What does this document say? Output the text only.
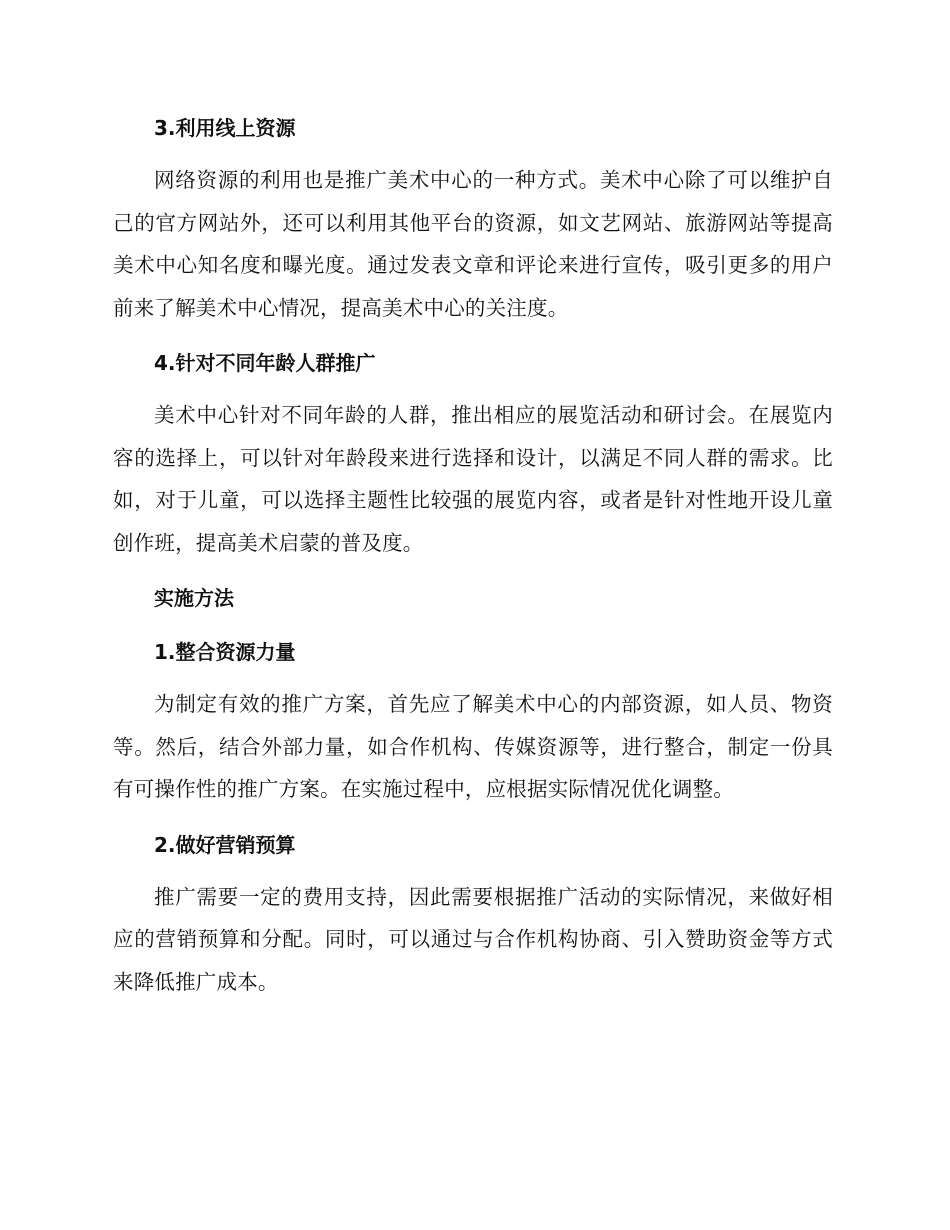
3.利用线上资源

网络资源的利用也是推广美术中心的一种方式。美术中心除了可以维护自己的官方网站外，还可以利用其他平台的资源，如文艺网站、旅游网站等提高美术中心知名度和曝光度。通过发表文章和评论来进行宣传，吸引更多的用户前来了解美术中心情况，提高美术中心的关注度。

4.针对不同年龄人群推广

美术中心针对不同年龄的人群，推出相应的展览活动和研讨会。在展览内容的选择上，可以针对年龄段来进行选择和设计，以满足不同人群的需求。比如，对于儿童，可以选择主题性比较强的展览内容，或者是针对性地开设儿童创作班，提高美术启蒙的普及度。

实施方法
1.整合资源力量

为制定有效的推广方案，首先应了解美术中心的内部资源，如人员、物资等。然后，结合外部力量，如合作机构、传媒资源等，进行整合，制定一份具有可操作性的推广方案。在实施过程中，应根据实际情况优化调整。

2.做好营销预算

推广需要一定的费用支持，因此需要根据推广活动的实际情况，来做好相应的营销预算和分配。同时，可以通过与合作机构协商、引入赞助资金等方式来降低推广成本。
